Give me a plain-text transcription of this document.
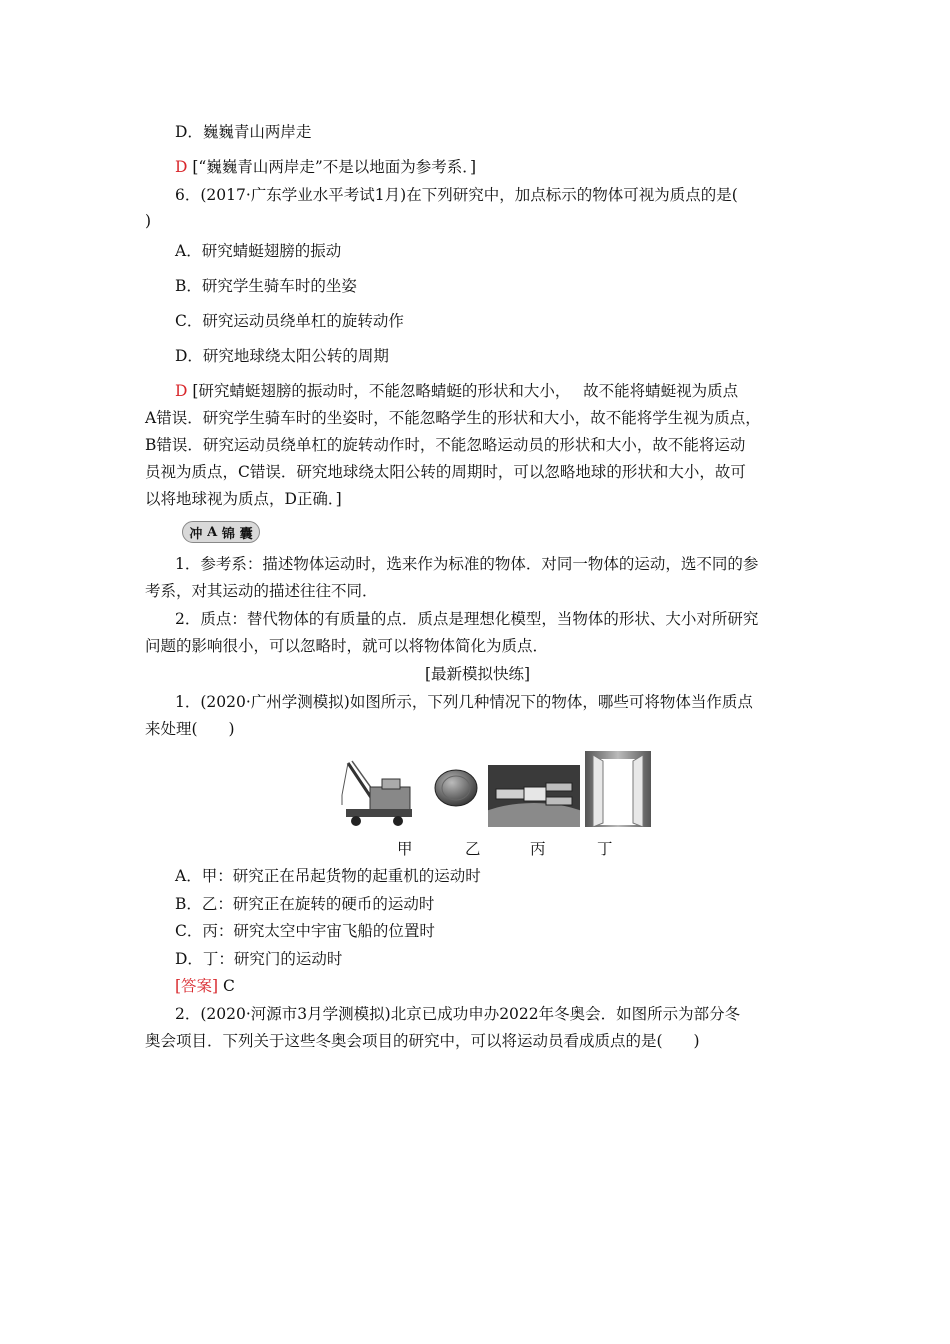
D．巍巍青山两岸走
D [“巍巍青山两岸走”不是以地面为参考系．]
6．(2017·广东学业水平考试1月)在下列研究中，加点标示的物体可视为质点的是(
)
A．研究蜻蜓翅膀的振动
B．研究学生骑车时的坐姿
C．研究运动员绕单杠的旋转动作
D．研究地球绕太阳公转的周期
D [研究蜻蜓翅膀的振动时，不能忽略蜻蜓的形状和大小，　 故不能将蜻蜓视为质点
A错误．研究学生骑车时的坐姿时，不能忽略学生的形状和大小，故不能将学生视为质点，
B错误．研究运动员绕单杠的旋转动作时，不能忽略运动员的形状和大小，故不能将运动
员视为质点，C错误．研究地球绕太阳公转的周期时，可以忽略地球的形状和大小，故可
以将地球视为质点，D正确．]
冲 A 锦 囊
1．参考系：描述物体运动时，选来作为标准的物体．对同一物体的运动，选不同的参
考系，对其运动的描述往往不同．
2．质点：替代物体的有质量的点．质点是理想化模型，当物体的形状、大小对所研究
问题的影响很小，可以忽略时，就可以将物体简化为质点．
[最新模拟快练]
1．(2020·广州学测模拟)如图所示，下列几种情况下的物体，哪些可将物体当作质点
来处理(　　)
甲	乙	丙	丁
A．甲：研究正在吊起货物的起重机的运动时
B．乙：研究正在旋转的硬币的运动时
C．丙：研究太空中宇宙飞船的位置时
D．丁：研究门的运动时
[答案] C
2．(2020·河源市3月学测模拟)北京已成功申办2022年冬奥会．如图所示为部分冬
奥会项目．下列关于这些冬奥会项目的研究中，可以将运动员看成质点的是(　　)
